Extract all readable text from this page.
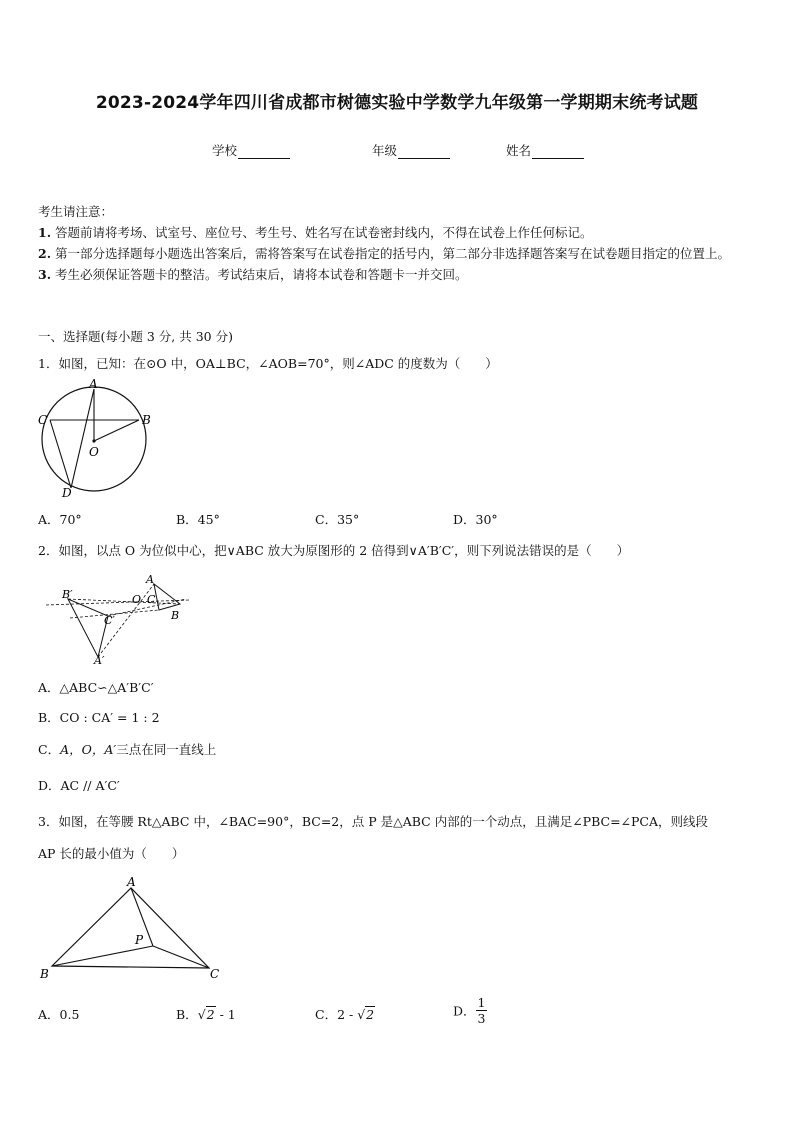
2023-2024学年四川省成都市树德实验中学数学九年级第一学期期末统考试题
学校	年级	姓名

考生请注意：

1. 答题前请将考场、试室号、座位号、考生号、姓名写在试卷密封线内，不得在试卷上作任何标记。

2. 第一部分选择题每小题选出答案后，需将答案写在试卷指定的括号内，第二部分非选择题答案写在试卷题目指定的位置上。

3. 考生必须保证答题卡的整洁。考试结束后，请将本试卷和答题卡一并交回。

一、选择题(每小题 3 分, 共 30 分)
1．如图，已知：在⊙O 中，OA⊥BC，∠AOB=70°，则∠ADC 的度数为（　　）
A
C	B
O
D
A．70°	B．45°	C．35°	D．30°
2．如图，以点 O 为位似中心，把∨ABC 放大为原图形的 2 倍得到∨A′B′C′，则下列说法错误的是（　　）
B′
C′
A′
O
A
C
B
A．△ABC∽△A′B′C′
B．CO : CA′ = 1 : 2
C．A，O，A′三点在同一直线上
D．AC // A′C′
3．如图，在等腰 Rt△ABC 中，∠BAC=90°，BC=2，点 P 是△ABC 内部的一个动点，且满足∠PBC=∠PCA，则线段
AP 长的最小值为（　　）
A
B	C
P
A．0.5	B．√2 - 1	C．2 - √2	D． $\frac{1}{3}$
